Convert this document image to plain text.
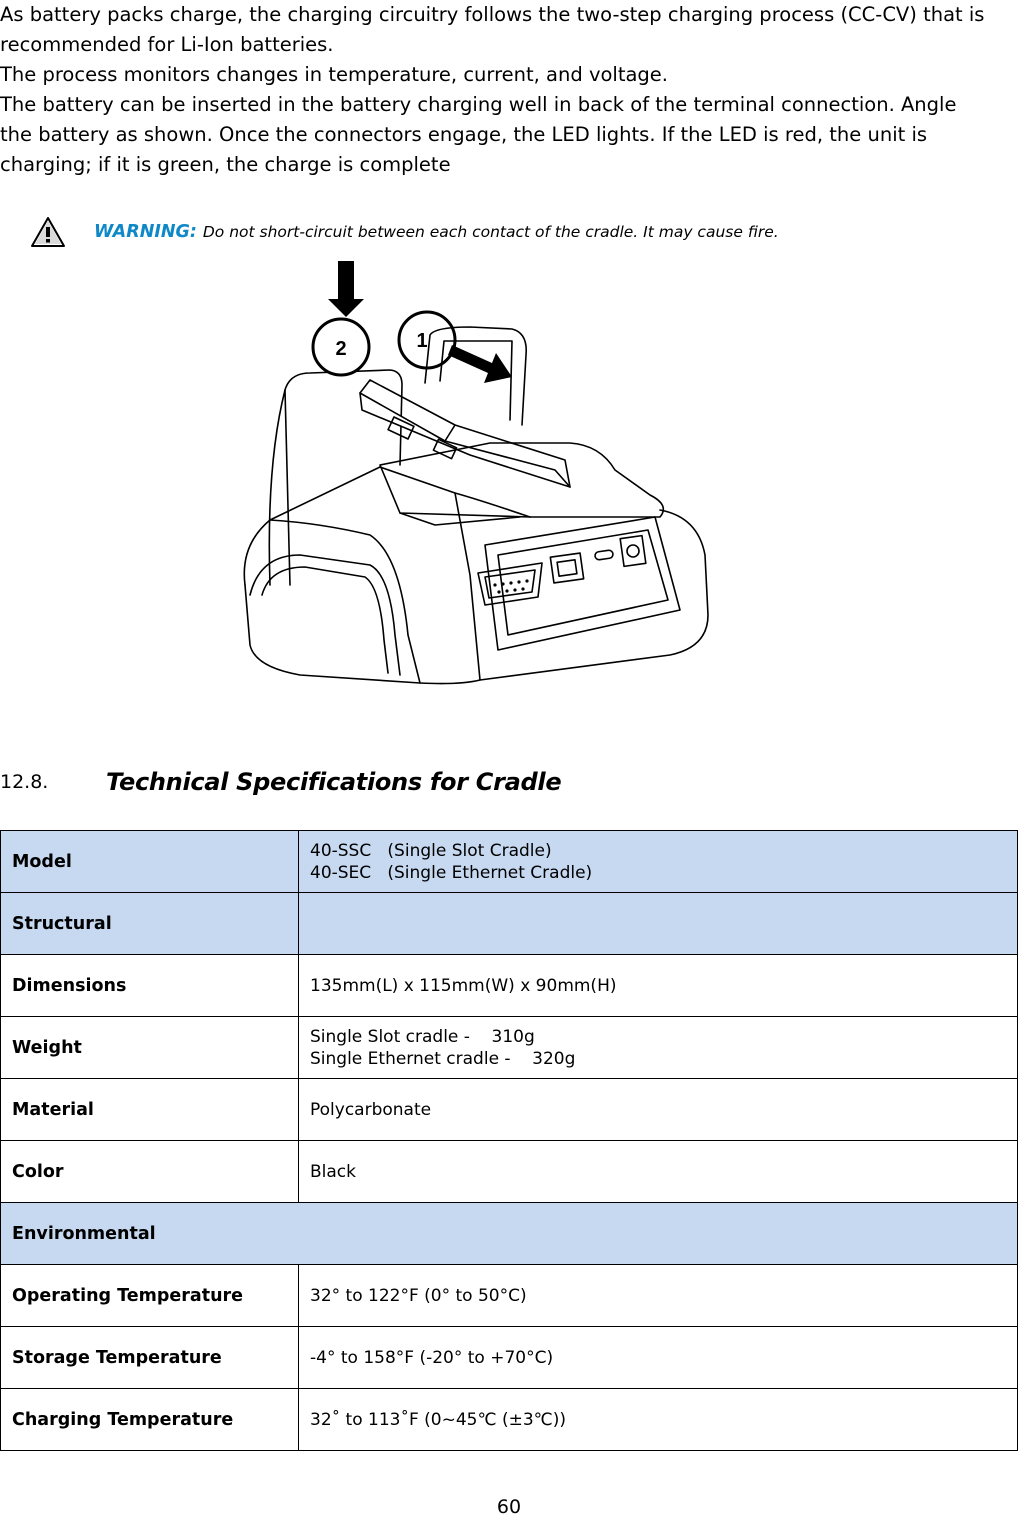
As battery packs charge, the charging circuitry follows the two-step charging process (CC-CV) that is

recommended for Li-Ion batteries.

The process monitors changes in temperature, current, and voltage.

The battery can be inserted in the battery charging well in back of the terminal connection. Angle

the battery as shown. Once the connectors engage, the LED lights. If the LED is red, the unit is

charging; if it is green, the charge is complete

WARNING: Do not short-circuit between each contact of the cradle. It may cause fire.
2	1
12.8.	Technical Specifications for Cradle
Model	40-SSC   (Single Slot Cradle)
40-SEC   (Single Ethernet Cradle)

Structural	
Dimensions	135mm(L) x 115mm(W) x 90mm(H)
Weight	Single Slot cradle -    310g
Single Ethernet cradle -    320g

Material	Polycarbonate
Color	Black
Environmental	
Operating Temperature	32° to 122°F (0° to 50°C)
Storage Temperature	-4° to 158°F (-20° to +70°C)
Charging Temperature	32˚ to 113˚F (0~45℃ (±3℃))
60
